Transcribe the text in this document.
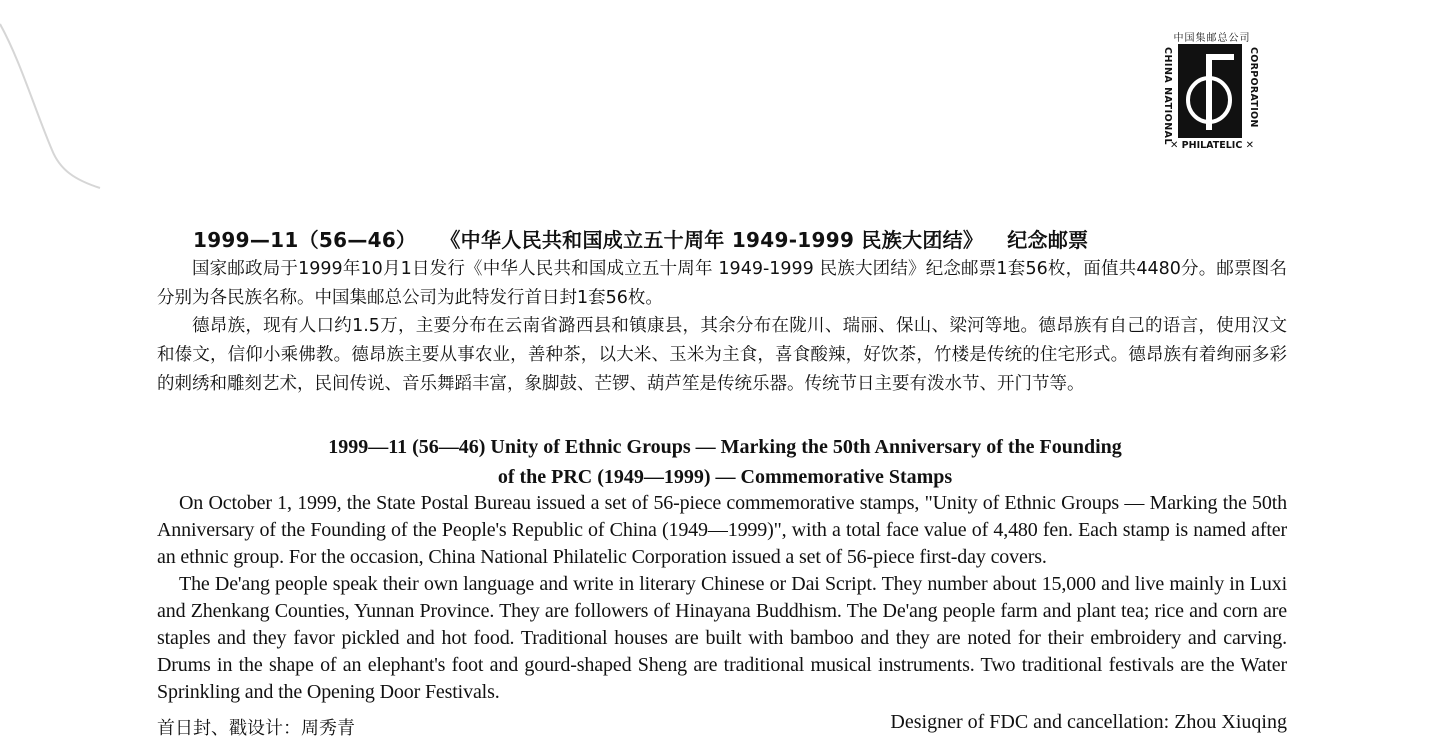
中国集邮总公司
CHINA NATIONAL	CORPORATION
✕ PHILATELIC ✕
1999—11（56—46） 《中华人民共和国成立五十周年 1949-1999 民族大团结》 纪念邮票

国家邮政局于1999年10月1日发行《中华人民共和国成立五十周年 1949-1999 民族大团结》纪念邮票1套56枚，面值共4480分。邮票图名分别为各民族名称。中国集邮总公司为此特发行首日封1套56枚。

德昂族，现有人口约1.5万，主要分布在云南省潞西县和镇康县，其余分布在陇川、瑞丽、保山、梁河等地。德昂族有自己的语言，使用汉文和傣文，信仰小乘佛教。德昂族主要从事农业，善种茶，以大米、玉米为主食，喜食酸辣，好饮茶，竹楼是传统的住宅形式。德昂族有着绚丽多彩的刺绣和雕刻艺术，民间传说、音乐舞蹈丰富，象脚鼓、芒锣、葫芦笙是传统乐器。传统节日主要有泼水节、开门节等。

1999—11 (56—46) Unity of Ethnic Groups — Marking the 50th Anniversary of the Founding
of the PRC (1949—1999) — Commemorative Stamps

On October 1, 1999, the State Postal Bureau issued a set of 56-piece commemorative stamps, "Unity of Ethnic Groups — Marking the 50th Anniversary of the Founding of the People's Republic of China (1949—1999)", with a total face value of 4,480 fen. Each stamp is named after an ethnic group. For the occasion, China National Philatelic Corporation issued a set of 56-piece first-day covers.

The De'ang people speak their own language and write in literary Chinese or Dai Script. They number about 15,000 and live mainly in Luxi and Zhenkang Counties, Yunnan Province. They are followers of Hinayana Buddhism. The De'ang people farm and plant tea; rice and corn are staples and they favor pickled and hot food. Traditional houses are built with bamboo and they are noted for their embroidery and carving. Drums in the shape of an elephant's foot and gourd-shaped Sheng are traditional musical instruments. Two traditional festivals are the Water Sprinkling and the Opening Door Festivals.

首日封、戳设计：周秀青	Designer of FDC and cancellation: Zhou Xiuqing
